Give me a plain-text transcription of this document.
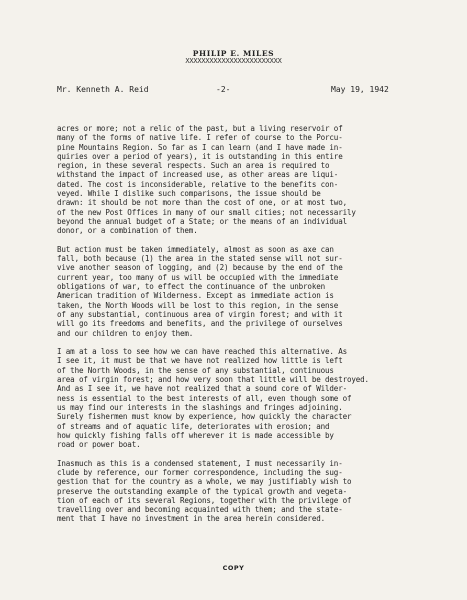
PHILIP E. MILES
XXXXXXXXXXXXXXXXXXXXXXXX
Mr. Kenneth A. Reid	-2-	May 19, 1942
acres or more; not a relic of the past, but a living reservoir of
many of the forms of native life. I refer of course to the Porcu-
pine Mountains Region. So far as I can learn (and I have made in-
quiries over a period of years), it is outstanding in this entire
region, in these several respects. Such an area is required to
withstand the impact of increased use, as other areas are liqui-
dated. The cost is inconsiderable, relative to the benefits con-
veyed. While I dislike such comparisons, the issue should be
drawn: it should be not more than the cost of one, or at most two,
of the new Post Offices in many of our small cities; not necessarily
beyond the annual budget of a State; or the means of an individual
donor, or a combination of them.
But action must be taken immediately, almost as soon as axe can
fall, both because (1) the area in the stated sense will not sur-
vive another season of logging, and (2) because by the end of the
current year, too many of us will be occupied with the immediate
obligations of war, to effect the continuance of the unbroken
American tradition of Wilderness. Except as immediate action is
taken, the North Woods will be lost to this region, in the sense
of any substantial, continuous area of virgin forest; and with it
will go its freedoms and benefits, and the privilege of ourselves
and our children to enjoy them.
I am at a loss to see how we can have reached this alternative. As
I see it, it must be that we have not realized how little is left
of the North Woods, in the sense of any substantial, continuous
area of virgin forest; and how very soon that little will be destroyed.
And as I see it, we have not realized that a sound core of Wilder-
ness is essential to the best interests of all, even though some of
us may find our interests in the slashings and fringes adjoining.
Surely fishermen must know by experience, how quickly the character
of streams and of aquatic life, deteriorates with erosion; and
how quickly fishing falls off wherever it is made accessible by
road or power boat.
Inasmuch as this is a condensed statement, I must necessarily in-
clude by reference, our former correspondence, including the sug-
gestion that for the country as a whole, we may justifiably wish to
preserve the outstanding example of the typical growth and vegeta-
tion of each of its several Regions, together with the privilege of
travelling over and becoming acquainted with them; and the state-
ment that I have no investment in the area herein considered.
COPY
